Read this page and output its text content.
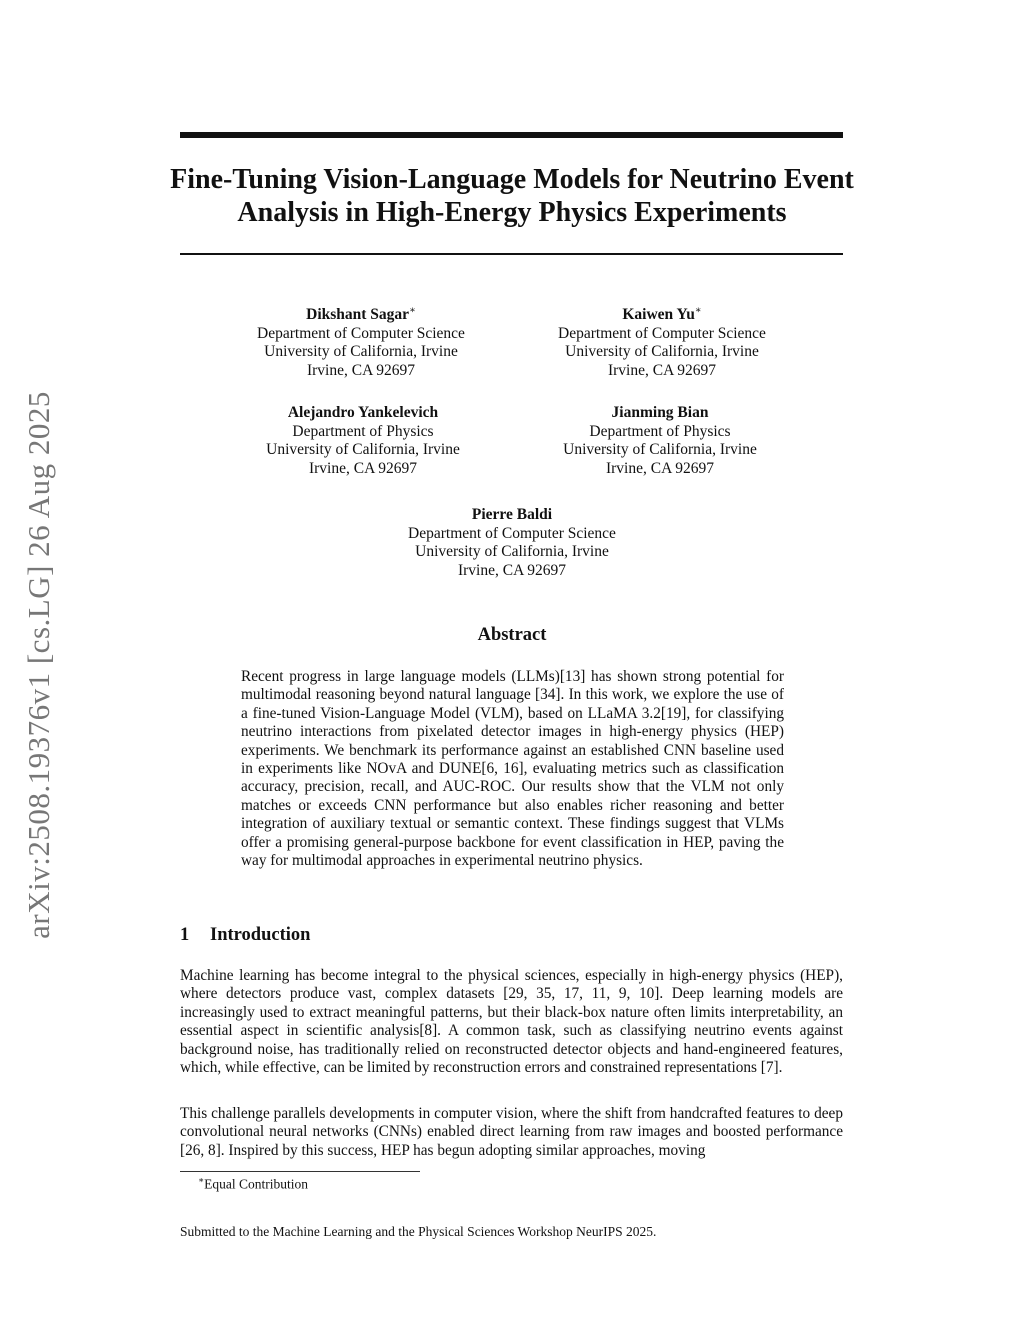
arXiv:2508.19376v1 [cs.LG] 26 Aug 2025
Fine-Tuning Vision-Language Models for Neutrino Event Analysis in High-Energy Physics Experiments
Dikshant Sagar∗
Department of Computer Science
University of California, Irvine
Irvine, CA 92697
Kaiwen Yu∗
Department of Computer Science
University of California, Irvine
Irvine, CA 92697
Alejandro Yankelevich
Department of Physics
University of California, Irvine
Irvine, CA 92697
Jianming Bian
Department of Physics
University of California, Irvine
Irvine, CA 92697
Pierre Baldi
Department of Computer Science
University of California, Irvine
Irvine, CA 92697
Abstract

Recent progress in large language models (LLMs)[13] has shown strong potential for multimodal reasoning beyond natural language [34]. In this work, we explore the use of a fine-tuned Vision-Language Model (VLM), based on LLaMA 3.2[19], for classifying neutrino interactions from pixelated detector images in high-energy physics (HEP) experiments. We benchmark its performance against an established CNN baseline used in experiments like NOvA and DUNE[6, 16], evaluating metrics such as classification accuracy, precision, recall, and AUC-ROC. Our results show that the VLM not only matches or exceeds CNN performance but also enables richer reasoning and better integration of auxiliary textual or semantic context. These findings suggest that VLMs offer a promising general-purpose backbone for event classification in HEP, paving the way for multimodal approaches in experimental neutrino physics.

1 Introduction

Machine learning has become integral to the physical sciences, especially in high-energy physics (HEP), where detectors produce vast, complex datasets [29, 35, 17, 11, 9, 10]. Deep learning models are increasingly used to extract meaningful patterns, but their black-box nature often limits interpretability, an essential aspect in scientific analysis[8]. A common task, such as classifying neutrino events against background noise, has traditionally relied on reconstructed detector objects and hand-engineered features, which, while effective, can be limited by reconstruction errors and constrained representations [7].

This challenge parallels developments in computer vision, where the shift from handcrafted features to deep convolutional neural networks (CNNs) enabled direct learning from raw images and boosted performance [26, 8]. Inspired by this success, HEP has begun adopting similar approaches, moving

∗Equal Contribution
Submitted to the Machine Learning and the Physical Sciences Workshop NeurIPS 2025.
